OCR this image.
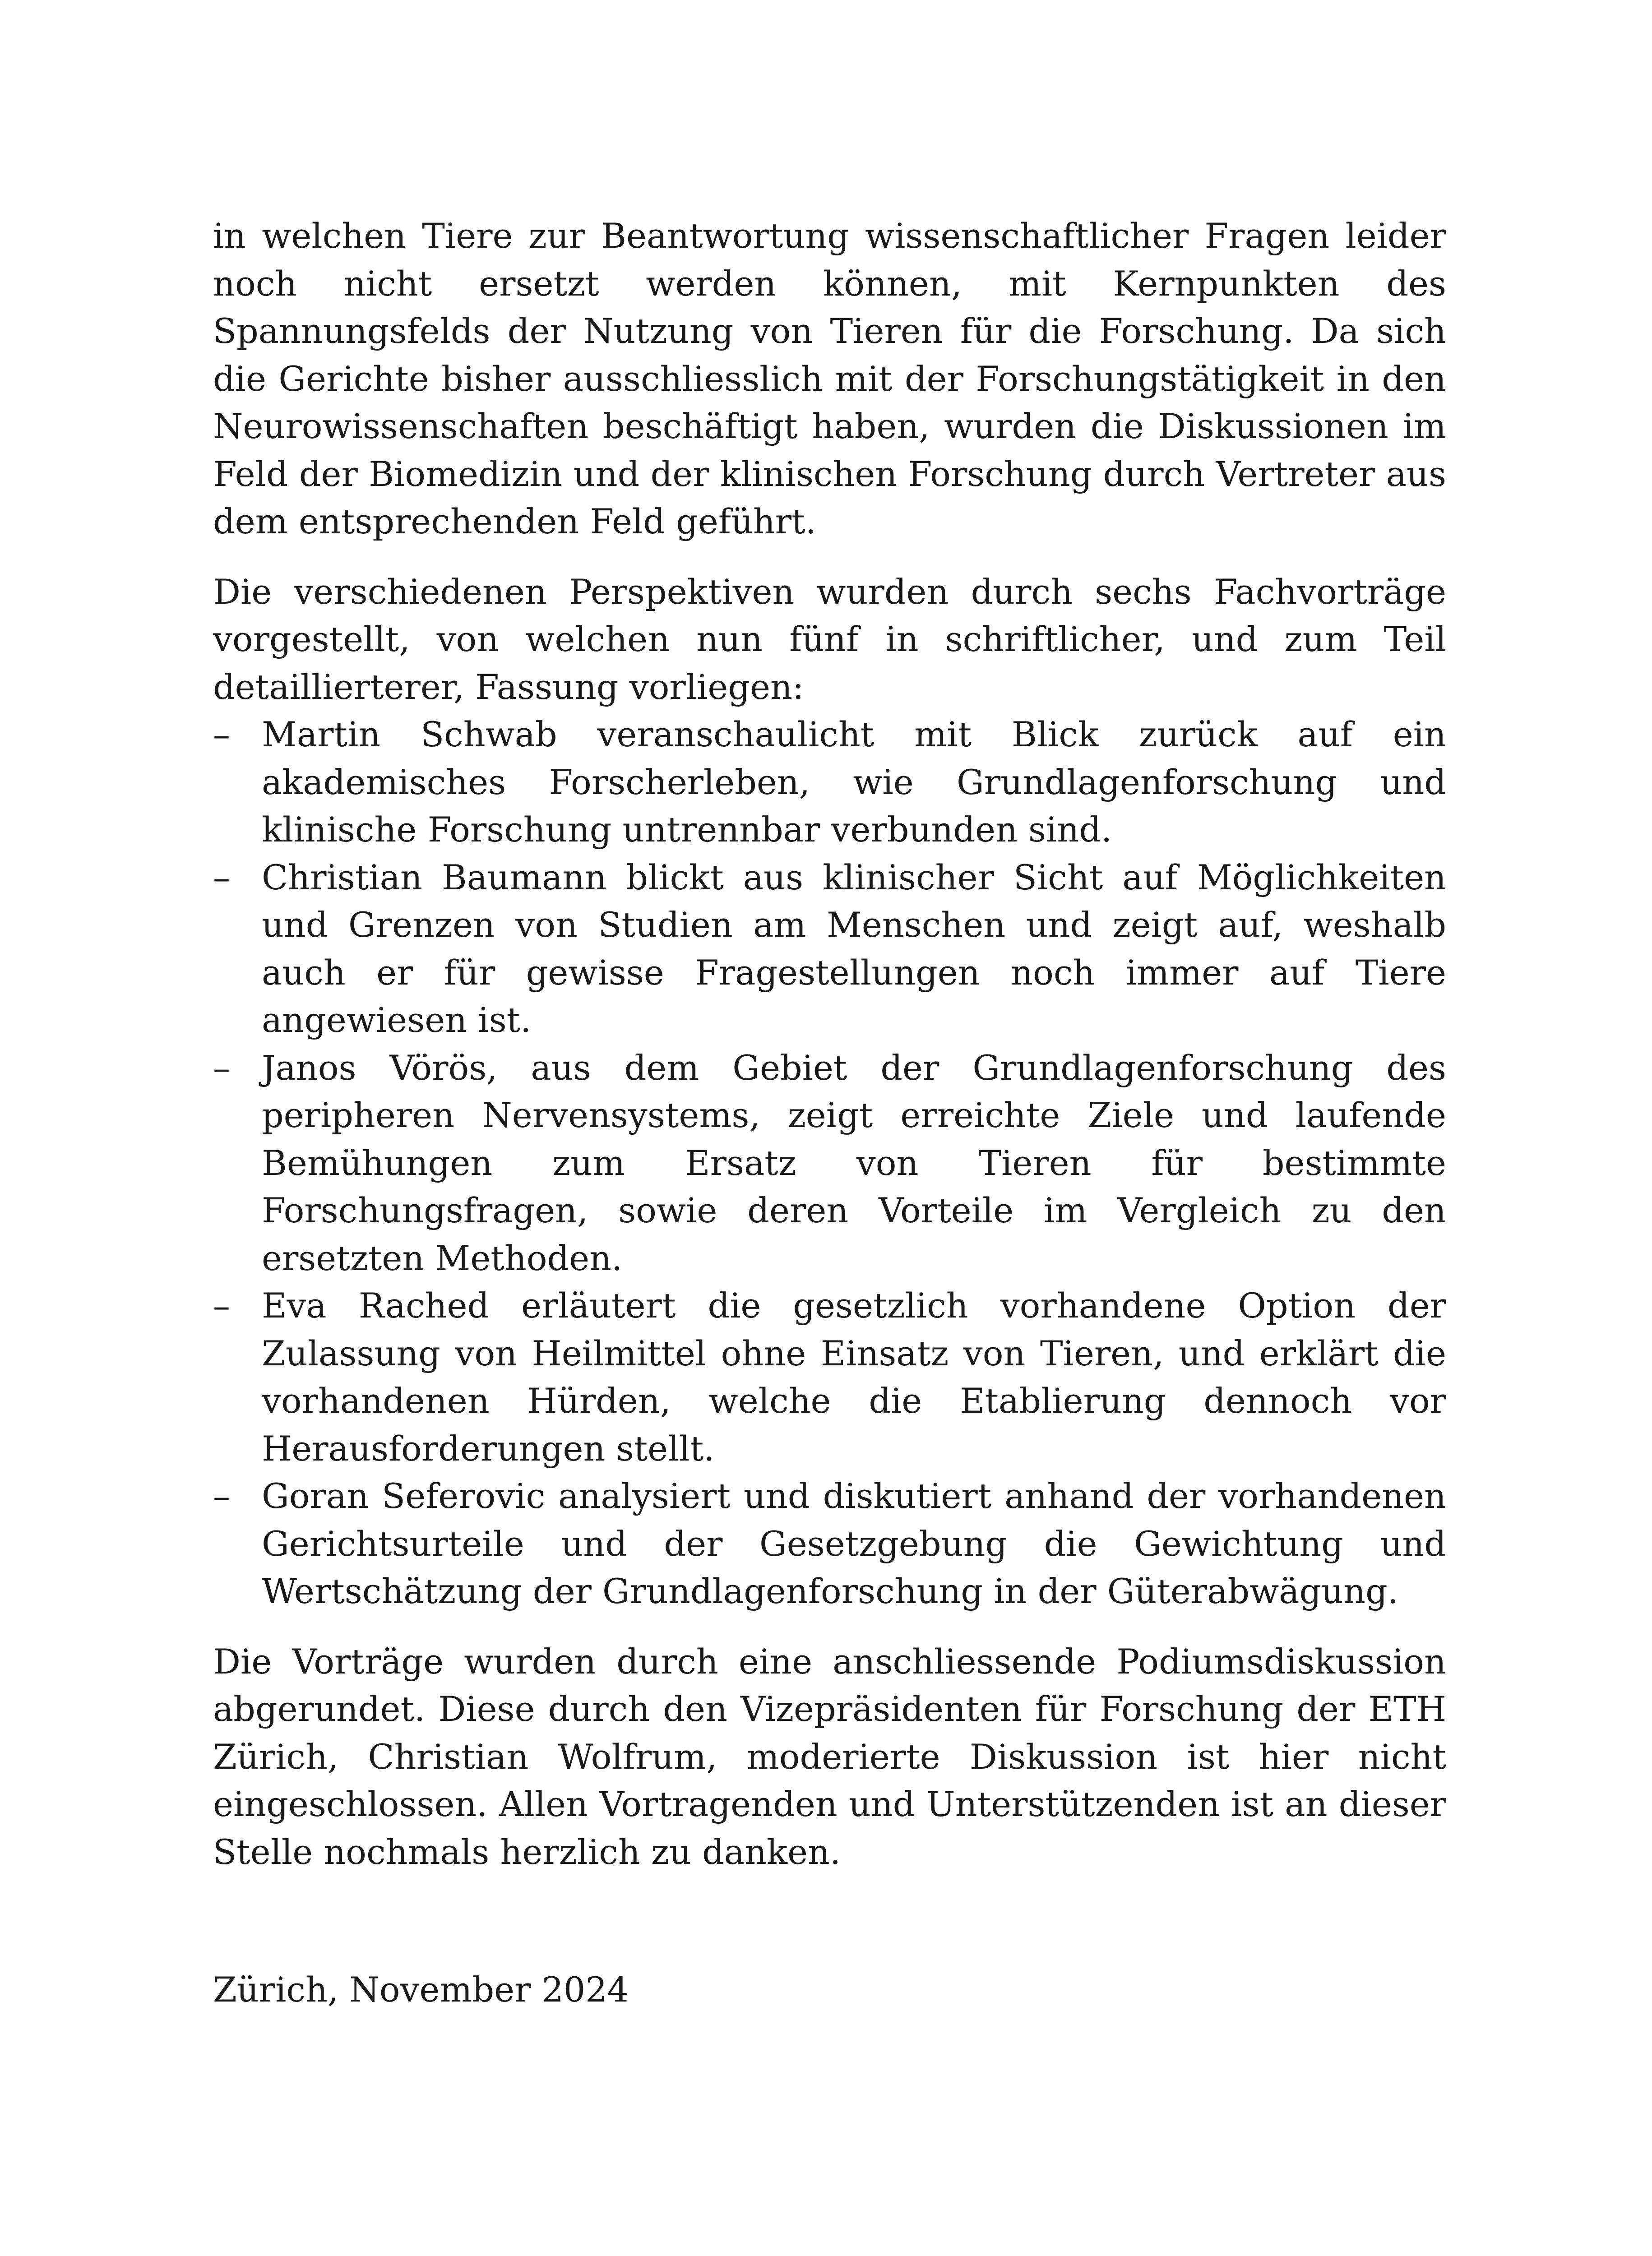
in welchen Tiere zur Beantwortung wissenschaftlicher Fragen leider noch nicht ersetzt werden können, mit Kernpunkten des Spannungsfelds der Nutzung von Tieren für die Forschung. Da sich die Gerichte bisher ausschliesslich mit der Forschungstätigkeit in den Neurowissenschaften beschäftigt haben, wurden die Diskussionen im Feld der Biomedizin und der klinischen Forschung durch Vertreter aus dem entsprechenden Feld geführt.

Die verschiedenen Perspektiven wurden durch sechs Fachvorträge vorgestellt, von welchen nun fünf in schriftlicher, und zum Teil detaillierterer, Fassung vorliegen:

– Martin Schwab veranschaulicht mit Blick zurück auf ein akademisches Forscherleben, wie Grundlagenforschung und klinische Forschung untrennbar verbunden sind.
– Christian Baumann blickt aus klinischer Sicht auf Möglichkeiten und Grenzen von Studien am Menschen und zeigt auf, weshalb auch er für gewisse Fragestellungen noch immer auf Tiere angewiesen ist.
– Janos Vörös, aus dem Gebiet der Grundlagenforschung des peripheren Nervensystems, zeigt erreichte Ziele und laufende Bemühungen zum Ersatz von Tieren für bestimmte Forschungsfragen, sowie deren Vorteile im Vergleich zu den ersetzten Methoden.
– Eva Rached erläutert die gesetzlich vorhandene Option der Zulassung von Heilmittel ohne Einsatz von Tieren, und erklärt die vorhandenen Hürden, welche die Etablierung dennoch vor Herausforderungen stellt.
– Goran Seferovic analysiert und diskutiert anhand der vorhandenen Gerichtsurteile und der Gesetzgebung die Gewichtung und Wertschätzung der Grundlagenforschung in der Güterabwägung.

Die Vorträge wurden durch eine anschliessende Podiumsdiskussion abgerundet. Diese durch den Vizepräsidenten für Forschung der ETH Zürich, Christian Wolfrum, moderierte Diskussion ist hier nicht eingeschlossen. Allen Vortragenden und Unterstützenden ist an dieser Stelle nochmals herzlich zu danken.

Zürich, November 2024
